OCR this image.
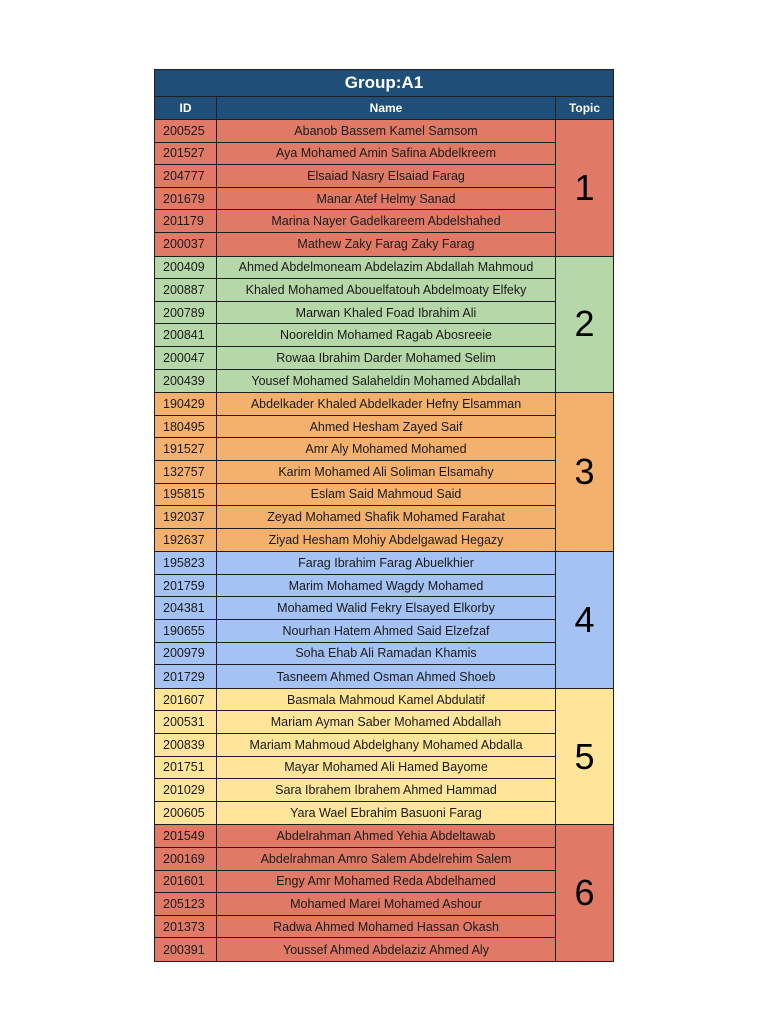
Group:A1
ID	Name	Topic
200525	Abanob Bassem Kamel Samsom
201527	Aya Mohamed Amin Safina Abdelkreem
204777	Elsaiad Nasry Elsaiad Farag
201679	Manar Atef Helmy Sanad
201179	Marina Nayer Gadelkareem Abdelshahed
200037	Mathew Zaky Farag Zaky Farag
1
200409	Ahmed Abdelmoneam Abdelazim Abdallah Mahmoud
200887	Khaled Mohamed Abouelfatouh Abdelmoaty Elfeky
200789	Marwan Khaled Foad Ibrahim Ali
200841	Nooreldin Mohamed Ragab Abosreeie
200047	Rowaa Ibrahim Darder Mohamed Selim
200439	Yousef Mohamed Salaheldin Mohamed Abdallah
2
190429	Abdelkader Khaled Abdelkader Hefny Elsamman
180495	Ahmed Hesham Zayed Saif
191527	Amr Aly Mohamed Mohamed
132757	Karim Mohamed Ali Soliman Elsamahy
195815	Eslam Said Mahmoud Said
192037	Zeyad Mohamed Shafik Mohamed Farahat
192637	Ziyad Hesham Mohiy Abdelgawad Hegazy
3
195823	Farag Ibrahim Farag Abuelkhier
201759	Marim Mohamed Wagdy Mohamed
204381	Mohamed Walid Fekry Elsayed Elkorby
190655	Nourhan Hatem Ahmed Said Elzefzaf
200979	Soha Ehab Ali Ramadan Khamis
201729	Tasneem Ahmed Osman Ahmed Shoeb
4
201607	Basmala Mahmoud Kamel Abdulatif
200531	Mariam Ayman Saber Mohamed Abdallah
200839	Mariam Mahmoud Abdelghany Mohamed Abdalla
201751	Mayar Mohamed Ali Hamed Bayome
201029	Sara Ibrahem Ibrahem Ahmed Hammad
200605	Yara Wael Ebrahim Basuoni Farag
5
201549	Abdelrahman Ahmed Yehia Abdeltawab
200169	Abdelrahman Amro Salem Abdelrehim Salem
201601	Engy Amr Mohamed Reda Abdelhamed
205123	Mohamed Marei Mohamed Ashour
201373	Radwa Ahmed Mohamed Hassan Okash
200391	Youssef Ahmed Abdelaziz Ahmed Aly
6
